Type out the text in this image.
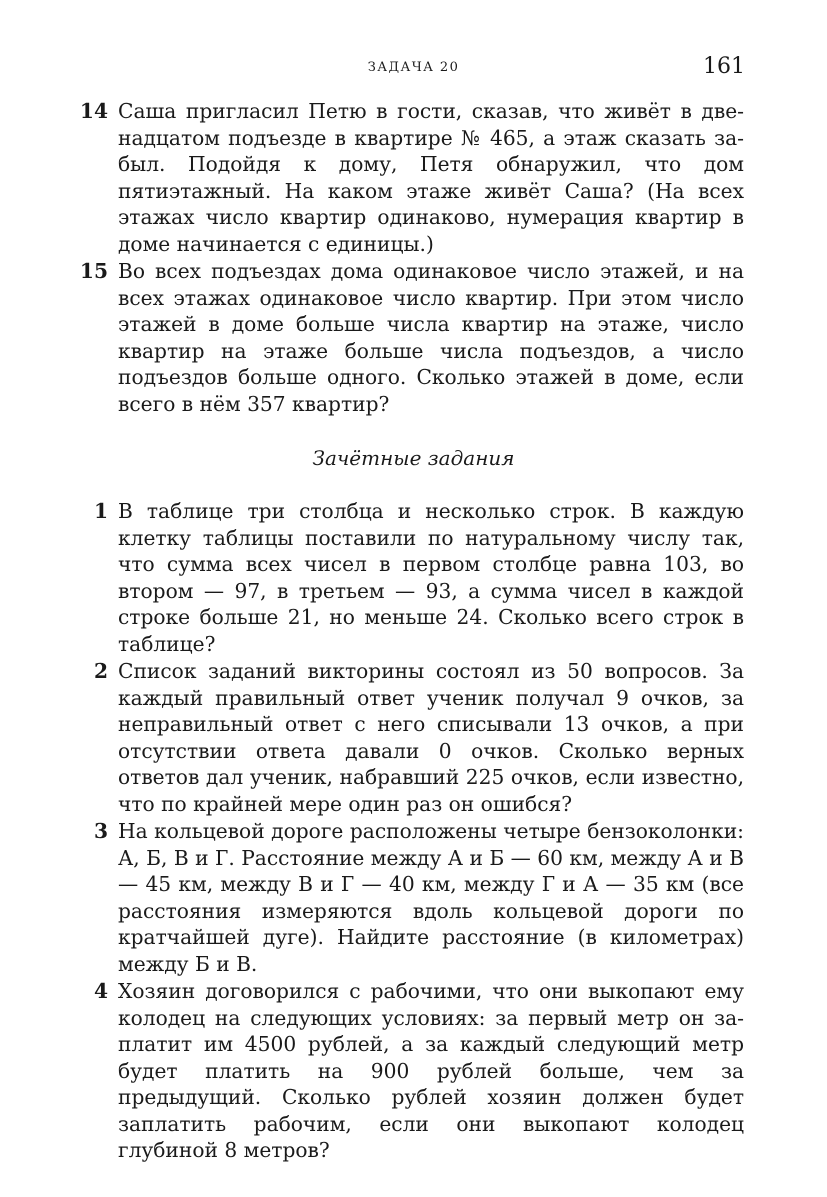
ЗАДАЧА 20	161
14 Саша пригласил Петю в гости, сказав, что живёт в двенадцатом подъезде в квартире № 465, а этаж сказать забыл. Подойдя к дому, Петя обнаружил, что дом пятиэтажный. На каком этаже живёт Саша? (На всех этажах число квартир одинаково, нумерация квартир в доме начинается с единицы.)
15 Во всех подъездах дома одинаковое число этажей, и на всех этажах одинаковое число квартир. При этом число этажей в доме больше числа квартир на этаже, число квартир на этаже больше числа подъездов, а число подъездов больше одного. Сколько этажей в доме, если всего в нём 357 квартир?
Зачётные задания
1 В таблице три столбца и несколько строк. В каждую клетку таблицы поставили по натуральному числу так, что сумма всех чисел в первом столбце равна 103, во втором — 97, в третьем — 93, а сумма чисел в каждой строке больше 21, но меньше 24. Сколько всего строк в таблице?
2 Список заданий викторины состоял из 50 вопросов. За каждый правильный ответ ученик получал 9 очков, за неправильный ответ с него списывали 13 очков, а при отсутствии ответа давали 0 очков. Сколько верных ответов дал ученик, набравший 225 очков, если известно, что по крайней мере один раз он ошибся?
3 На кольцевой дороге расположены четыре бензоколонки: А, Б, В и Г. Расстояние между А и Б — 60 км, между А и В — 45 км, между В и Г — 40 км, между Г и А — 35 км (все расстояния измеряются вдоль кольцевой дороги по кратчайшей дуге). Найдите расстояние (в километрах) между Б и В.
4 Хозяин договорился с рабочими, что они выкопают ему колодец на следующих условиях: за первый метр он заплатит им 4500 рублей, а за каждый следующий метр будет платить на 900 рублей больше, чем за предыдущий. Сколько рублей хозяин должен будет заплатить рабочим, если они выкопают колодец глубиной 8 метров?
